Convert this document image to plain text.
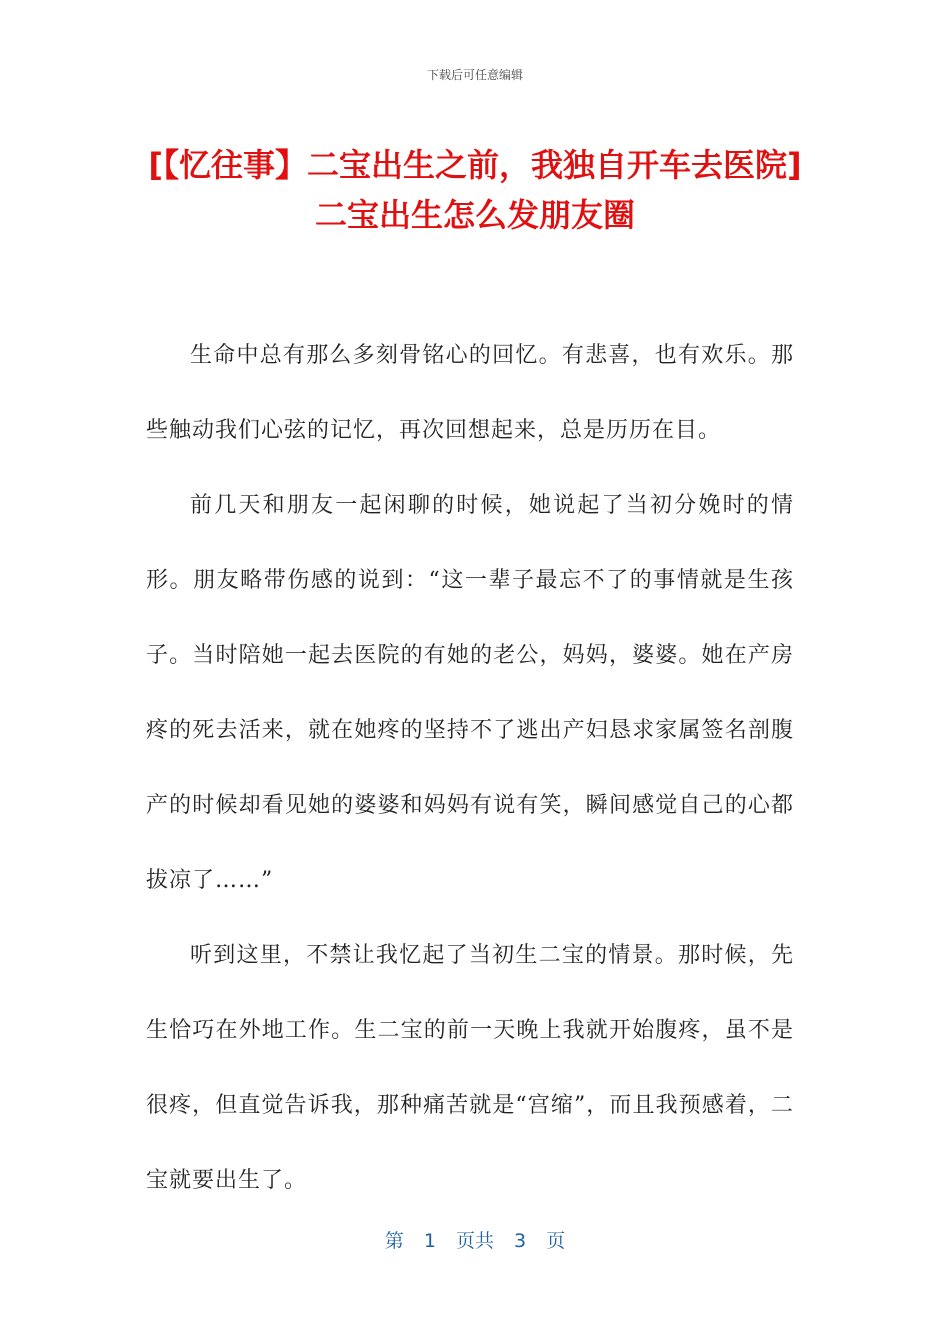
下载后可任意编辑
[【忆往事】二宝出生之前，我独自开车去医院]二宝出生怎么发朋友圈

生命中总有那么多刻骨铭心的回忆。有悲喜，也有欢乐。那些触动我们心弦的记忆，再次回想起来，总是历历在目。

前几天和朋友一起闲聊的时候，她说起了当初分娩时的情形。朋友略带伤感的说到：“这一辈子最忘不了的事情就是生孩子。当时陪她一起去医院的有她的老公，妈妈，婆婆。她在产房疼的死去活来，就在她疼的坚持不了逃出产妇恳求家属签名剖腹产的时候却看见她的婆婆和妈妈有说有笑，瞬间感觉自己的心都拔凉了……”

听到这里，不禁让我忆起了当初生二宝的情景。那时候，先生恰巧在外地工作。生二宝的前一天晚上我就开始腹疼，虽不是很疼，但直觉告诉我，那种痛苦就是“宫缩”，而且我预感着，二宝就要出生了。

第 1 页共 3 页
